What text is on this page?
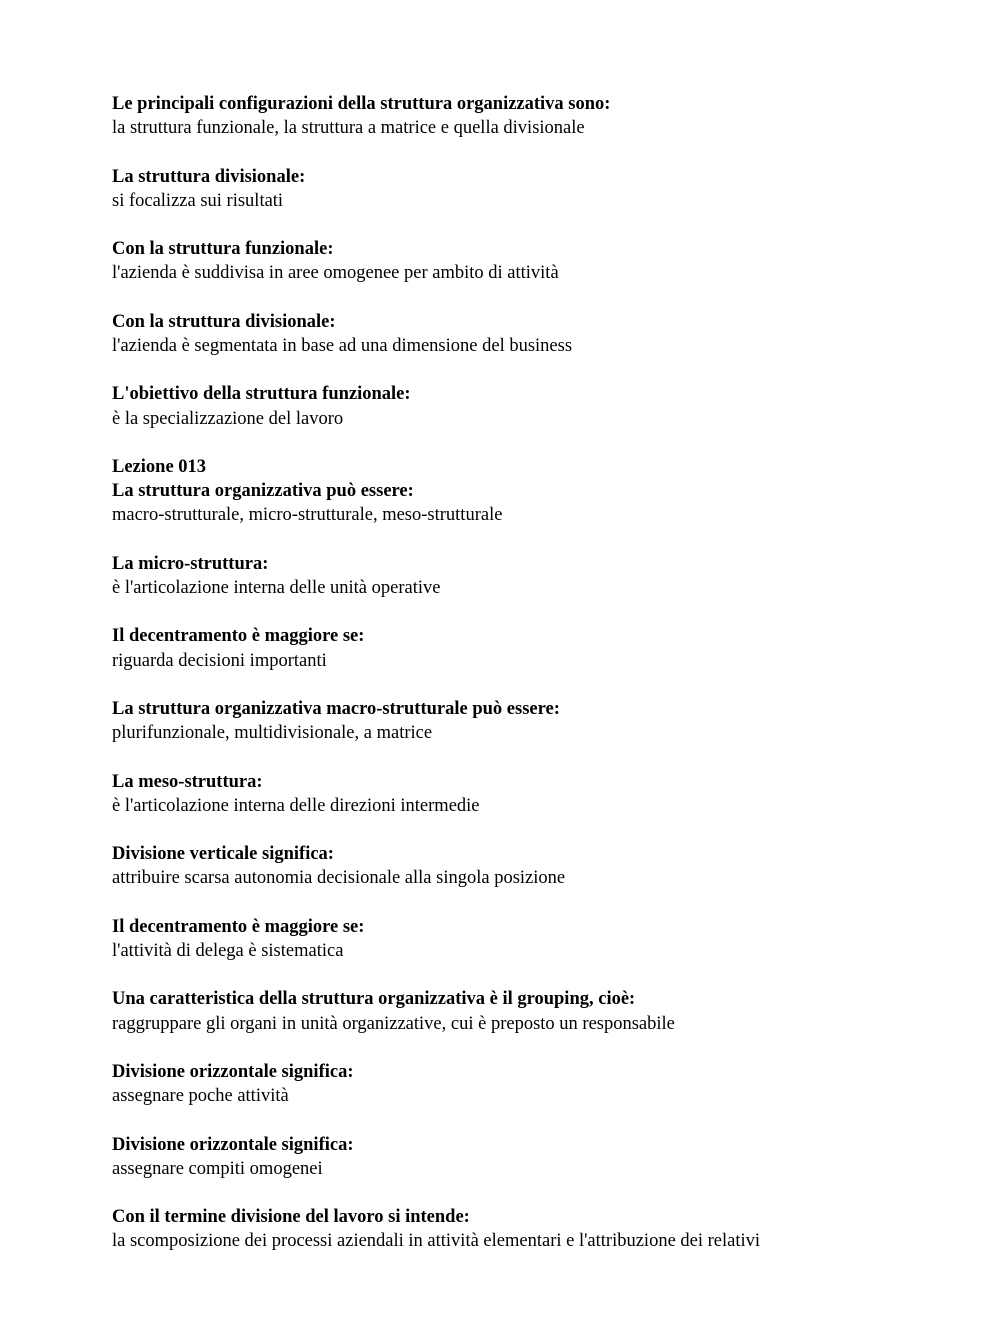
Le principali configurazioni della struttura organizzativa sono:
la struttura funzionale, la struttura a matrice e quella divisionale
La struttura divisionale:
si focalizza sui risultati
Con la struttura funzionale:
l'azienda è suddivisa in aree omogenee per ambito di attività
Con la struttura divisionale:
l'azienda è segmentata in base ad una dimensione del business
L'obiettivo della struttura funzionale:
è la specializzazione del lavoro
Lezione 013
La struttura organizzativa può essere:
macro-strutturale, micro-strutturale, meso-strutturale
La micro-struttura:
è l'articolazione interna delle unità operative
Il decentramento è maggiore se:
riguarda decisioni importanti
La struttura organizzativa macro-strutturale può essere:
plurifunzionale, multidivisionale, a matrice
La meso-struttura:
è l'articolazione interna delle direzioni intermedie
Divisione verticale significa:
attribuire scarsa autonomia decisionale alla singola posizione
Il decentramento è maggiore se:
l'attività di delega è sistematica
Una caratteristica della struttura organizzativa è il grouping, cioè:
raggruppare gli organi in unità organizzative, cui è preposto un responsabile
Divisione orizzontale significa:
assegnare poche attività
Divisione orizzontale significa:
assegnare compiti omogenei
Con il termine divisione del lavoro si intende:
la scomposizione dei processi aziendali in attività elementari e l'attribuzione dei relativi
